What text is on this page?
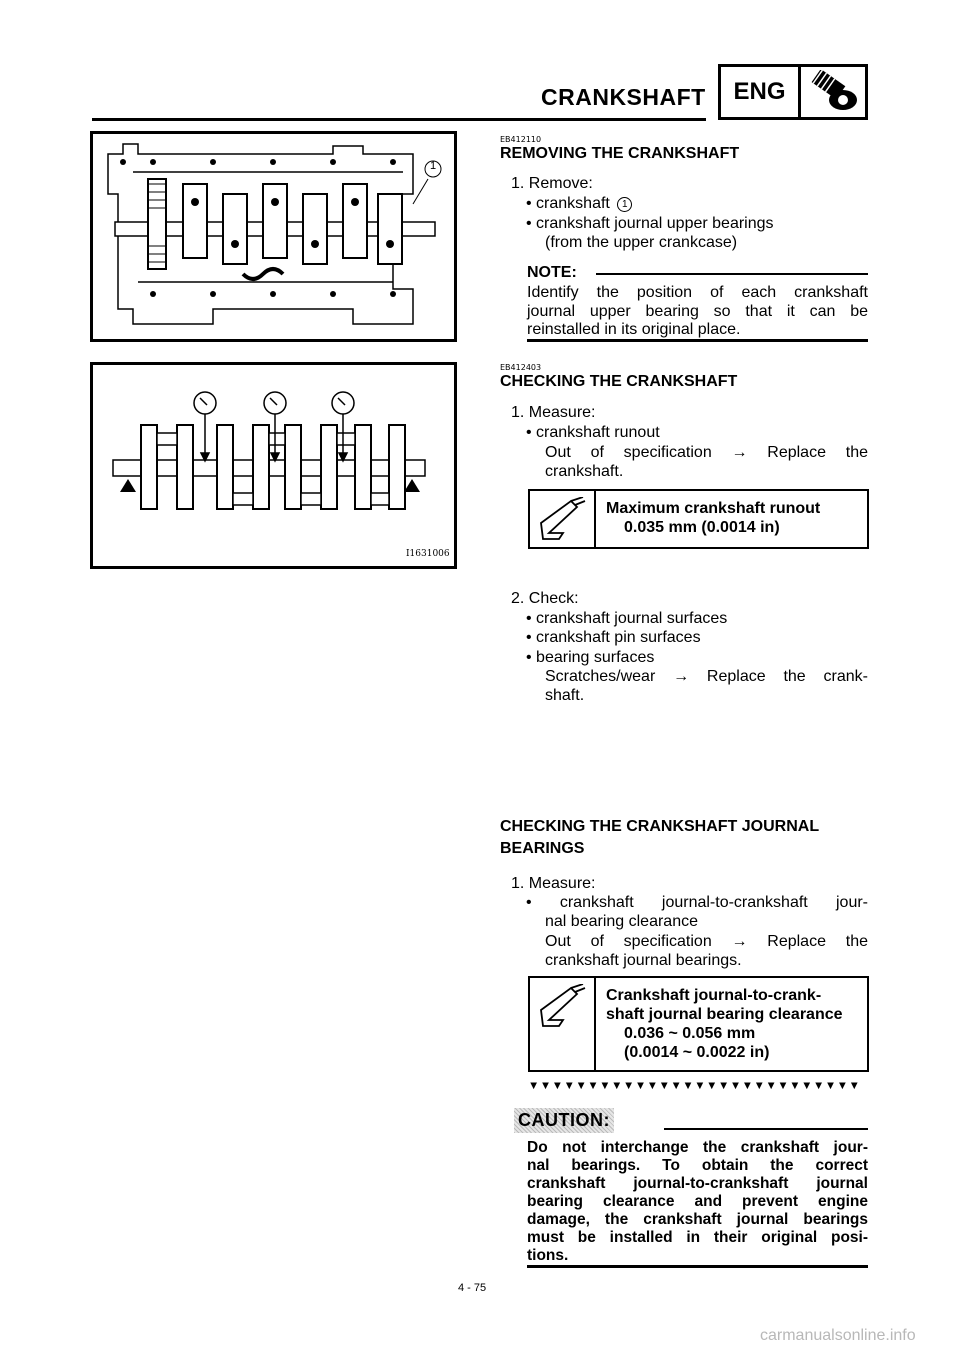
CRANKSHAFT	ENG
1
I1631006
EB412110
REMOVING THE CRANKSHAFT
1. Remove:
• crankshaft 1
• crankshaft journal upper bearings
(from the upper crankcase)
NOTE:
Identify the position of each crankshaft
journal upper bearing so that it can be
reinstalled in its original place.
EB412403
CHECKING THE CRANKSHAFT
1. Measure:
• crankshaft runout
Out of specification → Replace the
crankshaft.
Maximum crankshaft runout
0.035 mm (0.0014 in)
2. Check:
• crankshaft journal surfaces
• crankshaft pin surfaces
• bearing surfaces
Scratches/wear → Replace the crank-
shaft.
CHECKING THE CRANKSHAFT JOURNAL
BEARINGS
1. Measure:
• crankshaft journal-to-crankshaft jour-
nal bearing clearance
Out of specification → Replace the
crankshaft journal bearings.
Crankshaft journal-to-crank-
shaft journal bearing clearance
0.036 ~ 0.056 mm
(0.0014 ~ 0.0022 in)
▼▼▼▼▼▼▼▼▼▼▼▼▼▼▼▼▼▼▼▼▼▼▼▼▼▼▼▼
CAUTION:
Do not interchange the crankshaft jour-
nal bearings. To obtain the correct
crankshaft journal-to-crankshaft journal
bearing clearance and prevent engine
damage, the crankshaft journal bearings
must be installed in their original posi-
tions.
4 - 75
carmanualsonline.info
